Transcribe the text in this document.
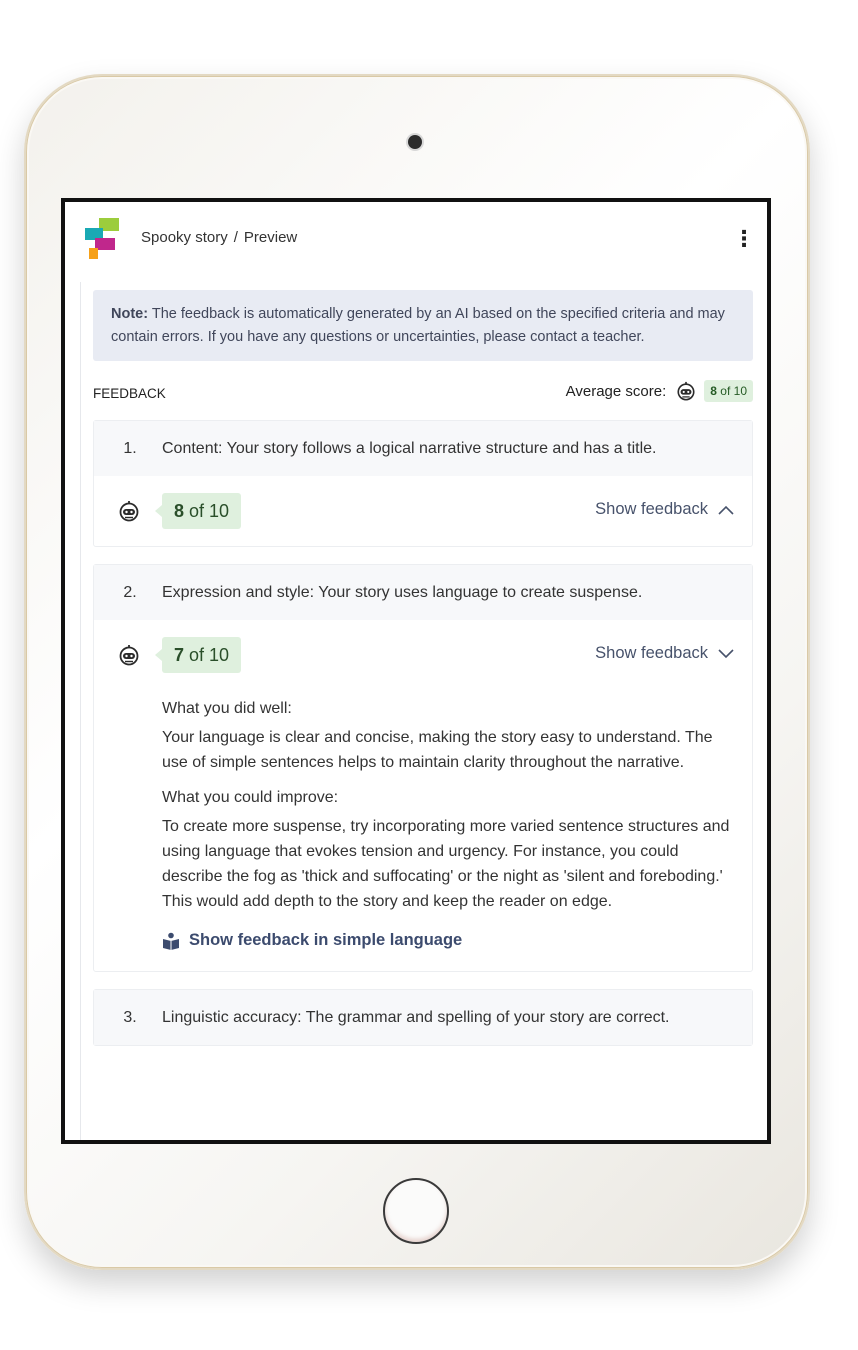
Spooky story / Preview	⋮
Note: The feedback is automatically generated by an AI based on the specified criteria and may contain errors. If you have any questions or uncertainties, please contact a teacher.
FEEDBACK	Average score:	8 of 10
1.	Content: Your story follows a logical narrative structure and has a title.
8 of 10	Show feedback
2.	Expression and style: Your story uses language to create suspense.
7 of 10	Show feedback

What you did well:

Your language is clear and concise, making the story easy to understand. The use of simple sentences helps to maintain clarity throughout the narrative.

What you could improve:

To create more suspense, try incorporating more varied sentence structures and using language that evokes tension and urgency. For instance, you could describe the fog as 'thick and suffocating' or the night as 'silent and foreboding.' This would add depth to the story and keep the reader on edge.

Show feedback in simple language
3.	Linguistic accuracy: The grammar and spelling of your story are correct.
